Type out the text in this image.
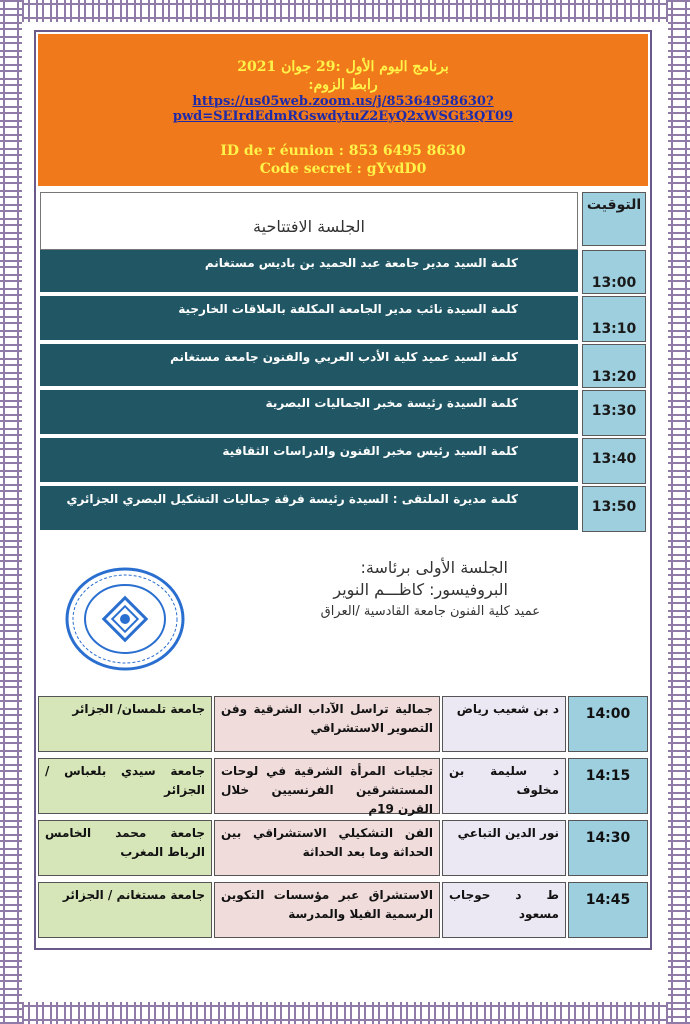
برنامج اليوم الأول :29 جوان 2021
رابط الزوم:
https://us05web.zoom.us/j/85364958630?pwd=SEIrdEdmRGswdytuZ2EyQ2xWSGt3QT09
ID de r éunion : 853 6495 8630
Code secret : gYvdD0
الجلسة الافتتاحية
التوقيت
الجلسة الأولى برئاسة:
البروفيسور: كاظـــم النوير
عميد كلية الفنون جامعة القادسية /العراق
14:00
د بن شعيب رياض
جمالية تراسل الآداب الشرقية وفن التصوير الاستشراقي
جامعة تلمسان/ الجزائر
14:15
د سليمة بن مخلوف
تجليات المرأة الشرقية في لوحات المستشرقين الفرنسيين خلال القرن 19م
جامعة سيدي بلعباس / الجزائر
14:30
نور الدين التباعي
الفن التشكيلي الاستشراقي بين الحداثة وما بعد الحداثة
جامعة محمد الخامس الرباط المغرب
14:45
ط د حوجاب مسعود
الاستشراق عبر مؤسسات التكوين الرسمية الفيلا والمدرسة
جامعة مستغانم / الجزائر
كلمة السيد مدير جامعة عبد الحميد بن باديس مستغانم
13:00
كلمة السيدة نائب مدير الجامعة المكلفة بالعلاقات الخارجية
13:10
كلمة السيد عميد كلية الأدب العربي والفنون جامعة مستغانم
13:20
كلمة السيدة رئيسة مخبر الجماليات البصرية	13:30
كلمة السيد رئيس مخبر الفنون والدراسات الثقافية	13:40
كلمة مديرة الملتقى : السيدة رئيسة فرقة جماليات التشكيل البصري الجزائري	13:50
